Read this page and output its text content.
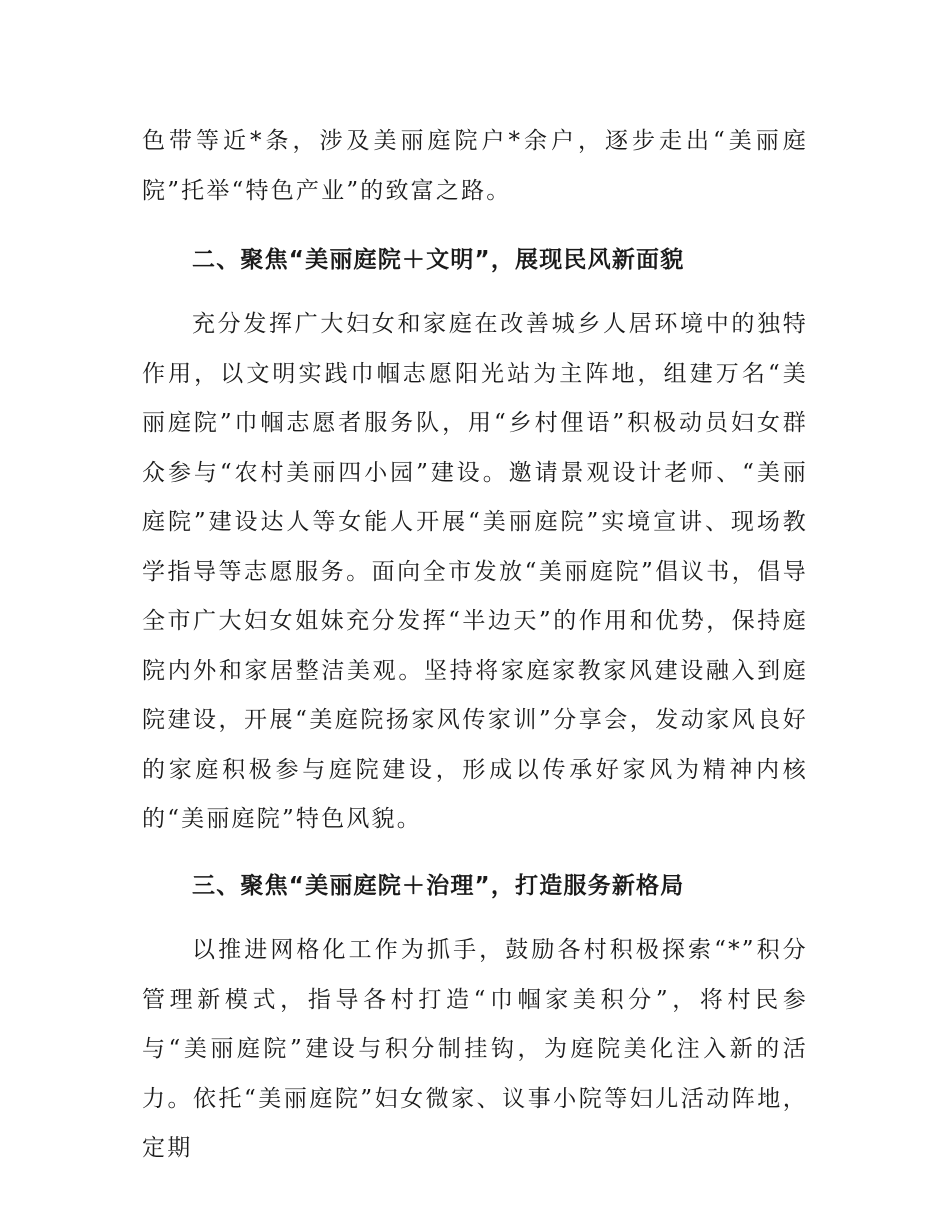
色带等近*条，涉及美丽庭院户*余户，逐步走出“美丽庭院”托举“特色产业”的致富之路。

二、聚焦“美丽庭院＋文明”，展现民风新面貌

充分发挥广大妇女和家庭在改善城乡人居环境中的独特作用，以文明实践巾帼志愿阳光站为主阵地，组建万名“美丽庭院”巾帼志愿者服务队，用“乡村俚语”积极动员妇女群众参与“农村美丽四小园”建设。邀请景观设计老师、“美丽庭院”建设达人等女能人开展“美丽庭院”实境宣讲、现场教学指导等志愿服务。面向全市发放“美丽庭院”倡议书，倡导全市广大妇女姐妹充分发挥“半边天”的作用和优势，保持庭院内外和家居整洁美观。坚持将家庭家教家风建设融入到庭院建设，开展“美庭院扬家风传家训”分享会，发动家风良好的家庭积极参与庭院建设，形成以传承好家风为精神内核的“美丽庭院”特色风貌。

三、聚焦“美丽庭院＋治理”，打造服务新格局

以推进网格化工作为抓手，鼓励各村积极探索“*”积分管理新模式，指导各村打造“巾帼家美积分”，将村民参与“美丽庭院”建设与积分制挂钩，为庭院美化注入新的活力。依托“美丽庭院”妇女微家、议事小院等妇儿活动阵地，定期
